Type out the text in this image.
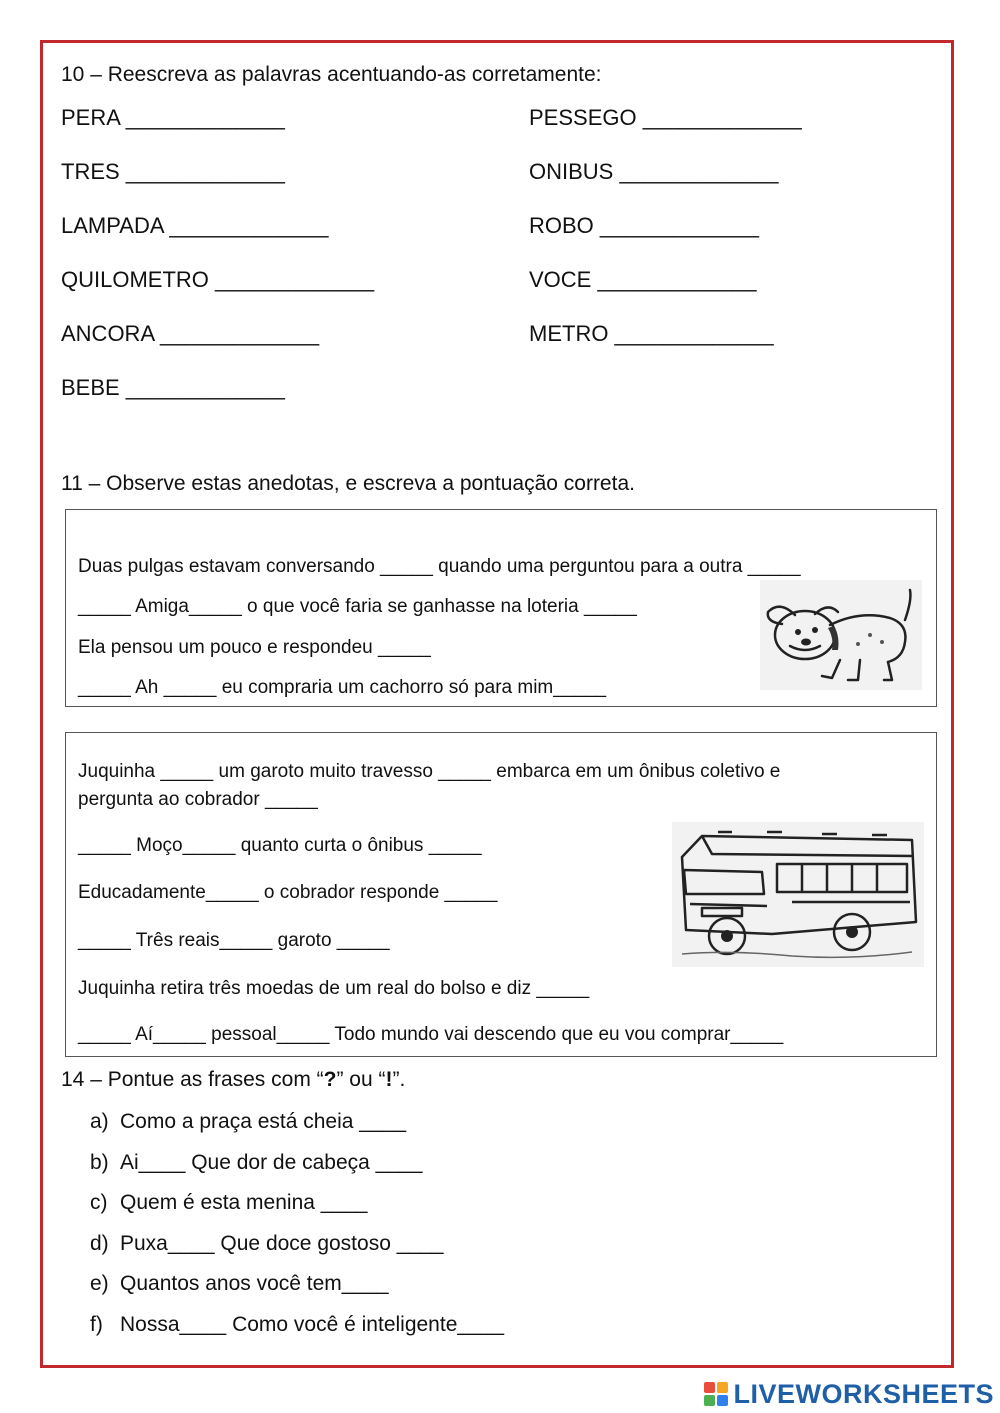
10 – Reescreva as palavras acentuando-as corretamente:
PERA _____________
TRES _____________
LAMPADA _____________
QUILOMETRO _____________
ANCORA _____________
BEBE _____________
PESSEGO _____________
ONIBUS _____________
ROBO _____________
VOCE _____________
METRO _____________
11 – Observe estas anedotas, e escreva a pontuação correta.
Duas pulgas estavam conversando _____ quando uma perguntou para a outra _____
_____ Amiga_____ o que você faria se ganhasse na loteria _____
Ela pensou um pouco e respondeu _____
_____ Ah _____ eu compraria um cachorro só para mim_____
Juquinha _____ um garoto muito travesso _____ embarca em um ônibus coletivo e
pergunta ao cobrador _____
_____ Moço_____ quanto curta o ônibus _____
Educadamente_____ o cobrador responde _____
_____ Três reais_____ garoto _____
Juquinha retira três moedas de um real do bolso e diz _____
_____ Aí_____ pessoal_____ Todo mundo vai descendo que eu vou comprar_____
14 – Pontue as frases com “?” ou “!”.
a) Como a praça está cheia ____
b) Ai____ Que dor de cabeça ____
c) Quem é esta menina ____
d) Puxa____ Que doce gostoso ____
e) Quantos anos você tem____
f) Nossa____ Como você é inteligente____
LIVEWORKSHEETS
